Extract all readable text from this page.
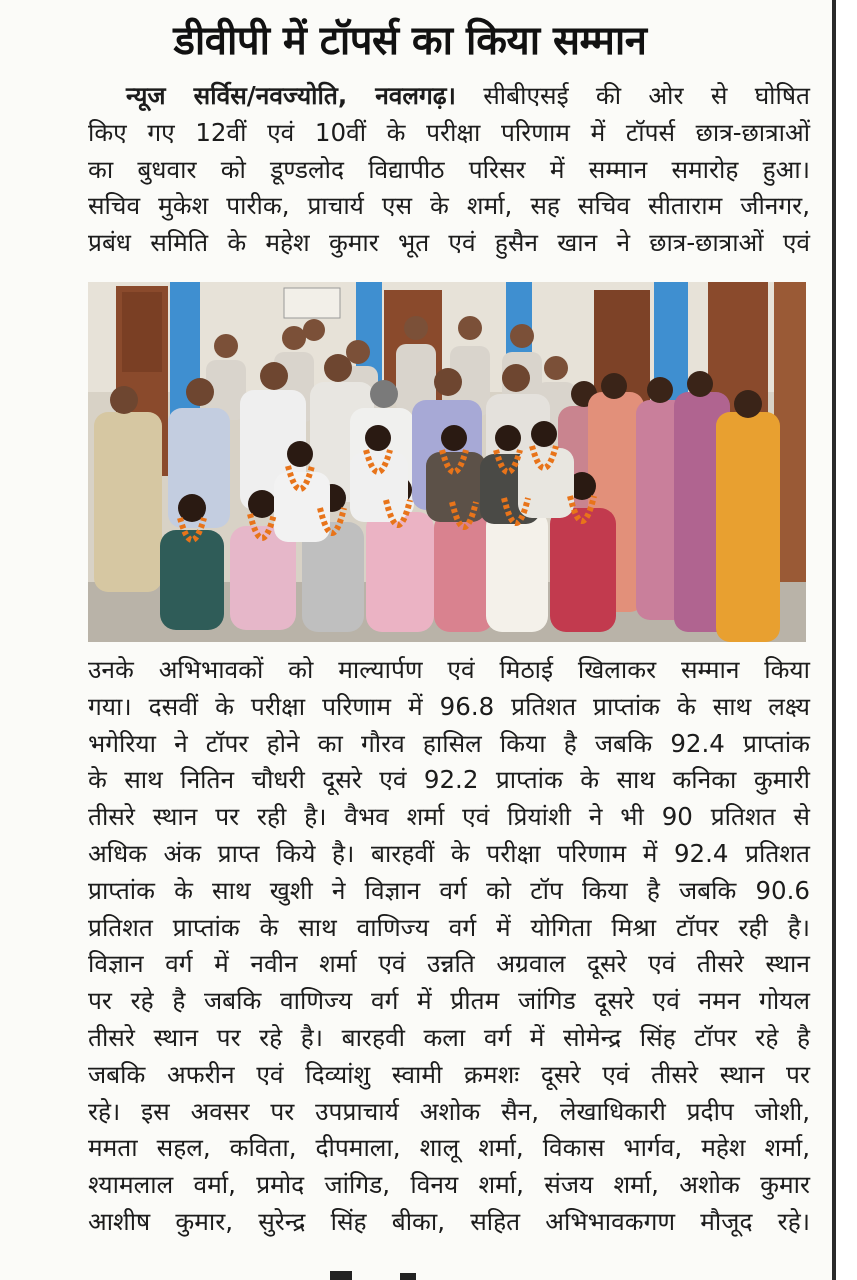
डीवीपी में टॉपर्स का किया सम्मान
न्यूज सर्विस/नवज्योति, नवलगढ़। सीबीएसई की ओर से घोषित
किए गए 12वीं एवं 10वीं के परीक्षा परिणाम में टॉपर्स छात्र-छात्राओं
का बुधवार को डूण्डलोद विद्यापीठ परिसर में सम्मान समारोह हुआ।
सचिव मुकेश पारीक, प्राचार्य एस के शर्मा, सह सचिव सीताराम जीनगर,
प्रबंध समिति के महेश कुमार भूत एवं हुसैन खान ने छात्र-छात्राओं एवं
उनके अभिभावकों को माल्यार्पण एवं मिठाई खिलाकर सम्मान किया
गया। दसवीं के परीक्षा परिणाम में 96.8 प्रतिशत प्राप्तांक के साथ लक्ष्य
भगेरिया ने टॉपर होने का गौरव हासिल किया है जबकि 92.4 प्राप्तांक
के साथ नितिन चौधरी दूसरे एवं 92.2 प्राप्तांक के साथ कनिका कुमारी
तीसरे स्थान पर रही है। वैभव शर्मा एवं प्रियांशी ने भी 90 प्रतिशत से
अधिक अंक प्राप्त किये है। बारहवीं के परीक्षा परिणाम में 92.4 प्रतिशत
प्राप्तांक के साथ खुशी ने विज्ञान वर्ग को टॉप किया है जबकि 90.6
प्रतिशत प्राप्तांक के साथ वाणिज्य वर्ग में योगिता मिश्रा टॉपर रही है।
विज्ञान वर्ग में नवीन शर्मा एवं उन्नति अग्रवाल दूसरे एवं तीसरे स्थान
पर रहे है जबकि वाणिज्य वर्ग में प्रीतम जांगिड दूसरे एवं नमन गोयल
तीसरे स्थान पर रहे है। बारहवी कला वर्ग में सोमेन्द्र सिंह टॉपर रहे है
जबकि अफरीन एवं दिव्यांशु स्वामी क्रमशः दूसरे एवं तीसरे स्थान पर
रहे। इस अवसर पर उपप्राचार्य अशोक सैन, लेखाधिकारी प्रदीप जोशी,
ममता सहल, कविता, दीपमाला, शालू शर्मा, विकास भार्गव, महेश शर्मा,
श्यामलाल वर्मा, प्रमोद जांगिड, विनय शर्मा, संजय शर्मा, अशोक कुमार
आशीष कुमार, सुरेन्द्र सिंह बीका, सहित अभिभावकगण मौजूद रहे।
